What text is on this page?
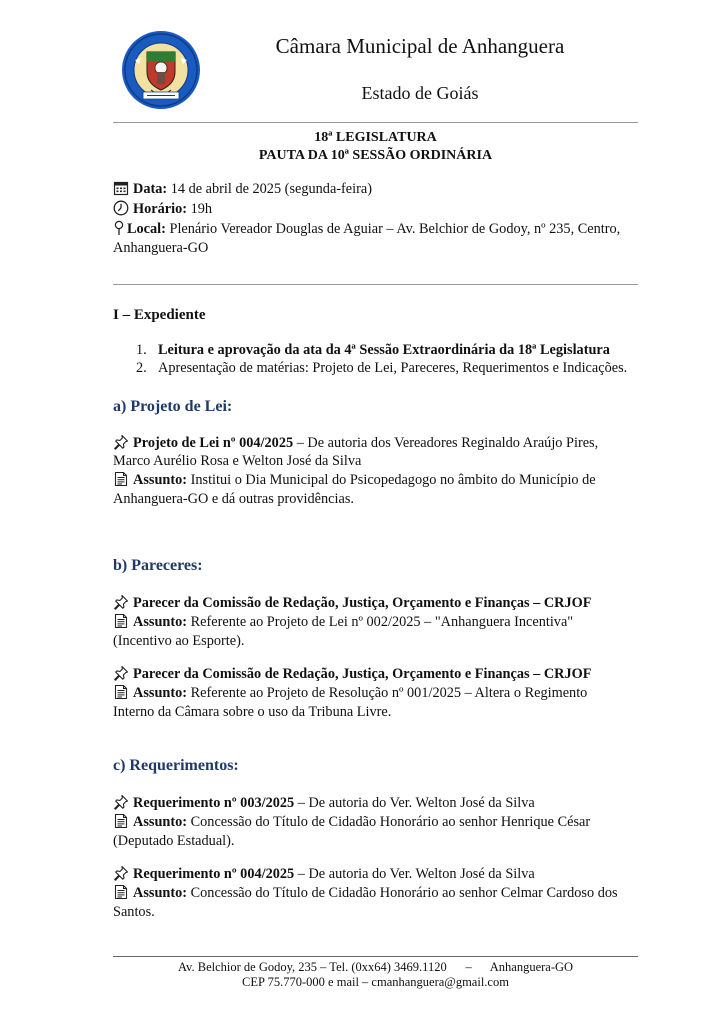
Câmara Municipal de Anhanguera
Estado de Goiás
18ª LEGISLATURA
PAUTA DA 10ª SESSÃO ORDINÁRIA
Data: 14 de abril de 2025 (segunda-feira)
Horário: 19h
Local: Plenário Vereador Douglas de Aguiar – Av. Belchior de Godoy, nº 235, Centro,
Anhanguera-GO
I – Expediente
1. Leitura e aprovação da ata da 4ª Sessão Extraordinária da 18ª Legislatura
2. Apresentação de matérias: Projeto de Lei, Pareceres, Requerimentos e Indicações.
a) Projeto de Lei:
Projeto de Lei nº 004/2025 – De autoria dos Vereadores Reginaldo Araújo Pires,
Marco Aurélio Rosa e Welton José da Silva
Assunto: Institui o Dia Municipal do Psicopedagogo no âmbito do Município de
Anhanguera-GO e dá outras providências.
b) Pareceres:
Parecer da Comissão de Redação, Justiça, Orçamento e Finanças – CRJOF
Assunto: Referente ao Projeto de Lei nº 002/2025 – "Anhanguera Incentiva"
(Incentivo ao Esporte).
Parecer da Comissão de Redação, Justiça, Orçamento e Finanças – CRJOF
Assunto: Referente ao Projeto de Resolução nº 001/2025 – Altera o Regimento
Interno da Câmara sobre o uso da Tribuna Livre.
c) Requerimentos:
Requerimento nº 003/2025 – De autoria do Ver. Welton José da Silva
Assunto: Concessão do Título de Cidadão Honorário ao senhor Henrique César
(Deputado Estadual).
Requerimento nº 004/2025 – De autoria do Ver. Welton José da Silva
Assunto: Concessão do Título de Cidadão Honorário ao senhor Celmar Cardoso dos
Santos.
Av. Belchior de Godoy, 235 – Tel. (0xx64) 3469.1120      –      Anhanguera-GO
CEP 75.770-000 e mail – cmanhanguera@gmail.com
